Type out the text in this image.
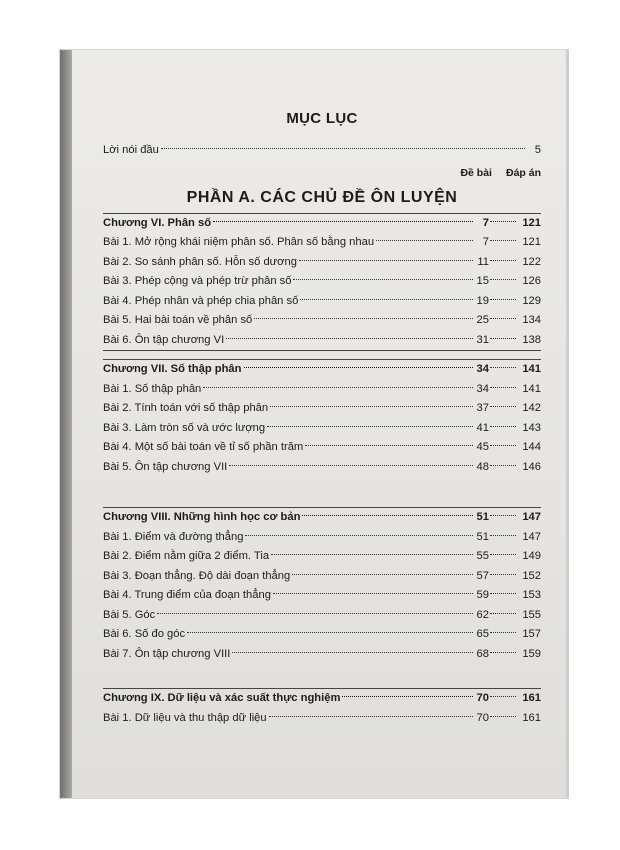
MỤC LỤC
Lời nói đầu	5
Đề bài Đáp án
PHẦN A. CÁC CHỦ ĐỀ ÔN LUYỆN
Chương VI. Phân số	7	121
Bài 1. Mở rộng khái niệm phân số. Phân số bằng nhau	7	121
Bài 2. So sánh phân số. Hỗn số dương	11	122
Bài 3. Phép cộng và phép trừ phân số	15	126
Bài 4. Phép nhân và phép chia phân số	19	129
Bài 5. Hai bài toán về phân số	25	134
Bài 6. Ôn tập chương VI	31	138
Chương VII. Số thập phân	34	141
Bài 1. Số thập phân	34	141
Bài 2. Tính toán với số thập phân	37	142
Bài 3. Làm tròn số và ước lượng	41	143
Bài 4. Một số bài toán về tỉ số phần trăm	45	144
Bài 5. Ôn tập chương VII	48	146
Chương VIII. Những hình học cơ bản	51	147
Bài 1. Điểm và đường thẳng	51	147
Bài 2. Điểm nằm giữa 2 điểm. Tia	55	149
Bài 3. Đoạn thẳng. Độ dài đoạn thẳng	57	152
Bài 4. Trung điểm của đoạn thẳng	59	153
Bài 5. Góc	62	155
Bài 6. Số đo góc	65	157
Bài 7. Ôn tập chương VIII	68	159
Chương IX. Dữ liệu và xác suất thực nghiệm	70	161
Bài 1. Dữ liệu và thu thập dữ liệu	70	161
